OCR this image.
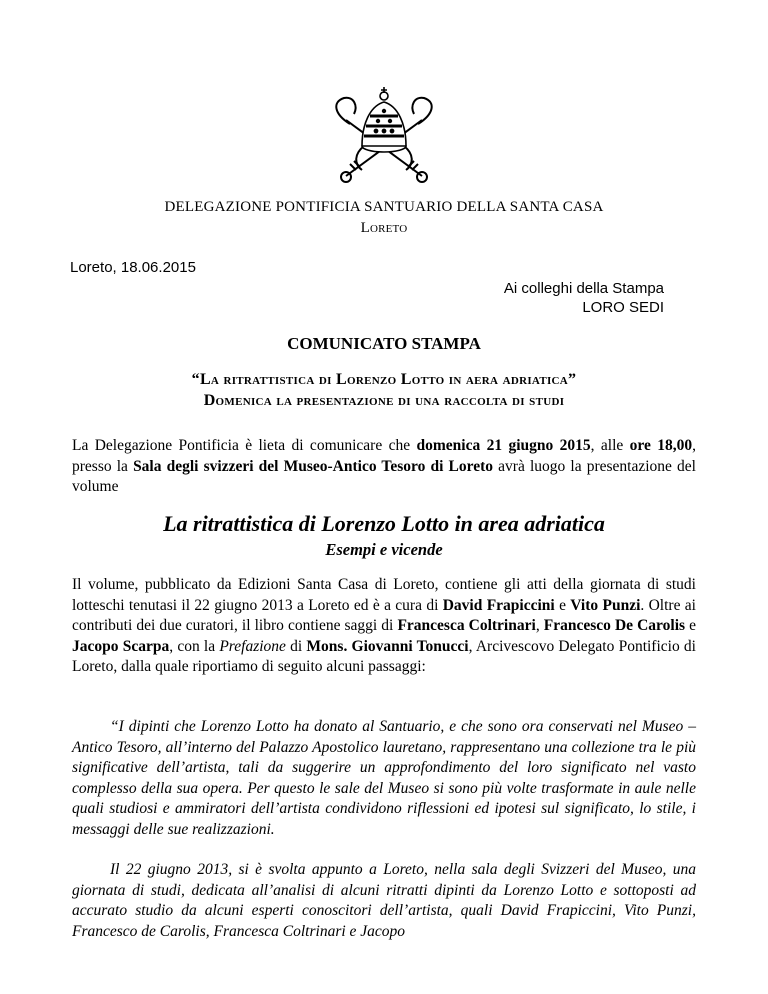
DELEGAZIONE PONTIFICIA SANTUARIO DELLA SANTA CASA
Loreto
Loreto, 18.06.2015
Ai colleghi della Stampa
LORO SEDI
COMUNICATO STAMPA
“La ritrattistica di Lorenzo Lotto in aera adriatica”
Domenica la presentazione di una raccolta di studi
La Delegazione Pontificia è lieta di comunicare che domenica 21 giugno 2015, alle ore 18,00, presso la Sala degli svizzeri del Museo-Antico Tesoro di Loreto avrà luogo la presentazione del volume
La ritrattistica di Lorenzo Lotto in area adriatica
Esempi e vicende
Il volume, pubblicato da Edizioni Santa Casa di Loreto, contiene gli atti della giornata di studi lotteschi tenutasi il 22 giugno 2013 a Loreto ed è a cura di David Frapiccini e Vito Punzi. Oltre ai contributi dei due curatori, il libro contiene saggi di Francesca Coltrinari, Francesco De Carolis e Jacopo Scarpa, con la Prefazione di Mons. Giovanni Tonucci, Arcivescovo Delegato Pontificio di Loreto, dalla quale riportiamo di seguito alcuni passaggi:
“I dipinti che Lorenzo Lotto ha donato al Santuario, e che sono ora conservati nel Museo – Antico Tesoro, all’interno del Palazzo Apostolico lauretano, rappresentano una collezione tra le più significative dell’artista, tali da suggerire un approfondimento del loro significato nel vasto complesso della sua opera. Per questo le sale del Museo si sono più volte trasformate in aule nelle quali studiosi e ammiratori dell’artista condividono riflessioni ed ipotesi sul significato, lo stile, i messaggi delle sue realizzazioni.
Il 22 giugno 2013, si è svolta appunto a Loreto, nella sala degli Svizzeri del Museo, una giornata di studi, dedicata all’analisi di alcuni ritratti dipinti da Lorenzo Lotto e sottoposti ad accurato studio da alcuni esperti conoscitori dell’artista, quali David Frapiccini, Vito Punzi, Francesco de Carolis, Francesca Coltrinari e Jacopo
